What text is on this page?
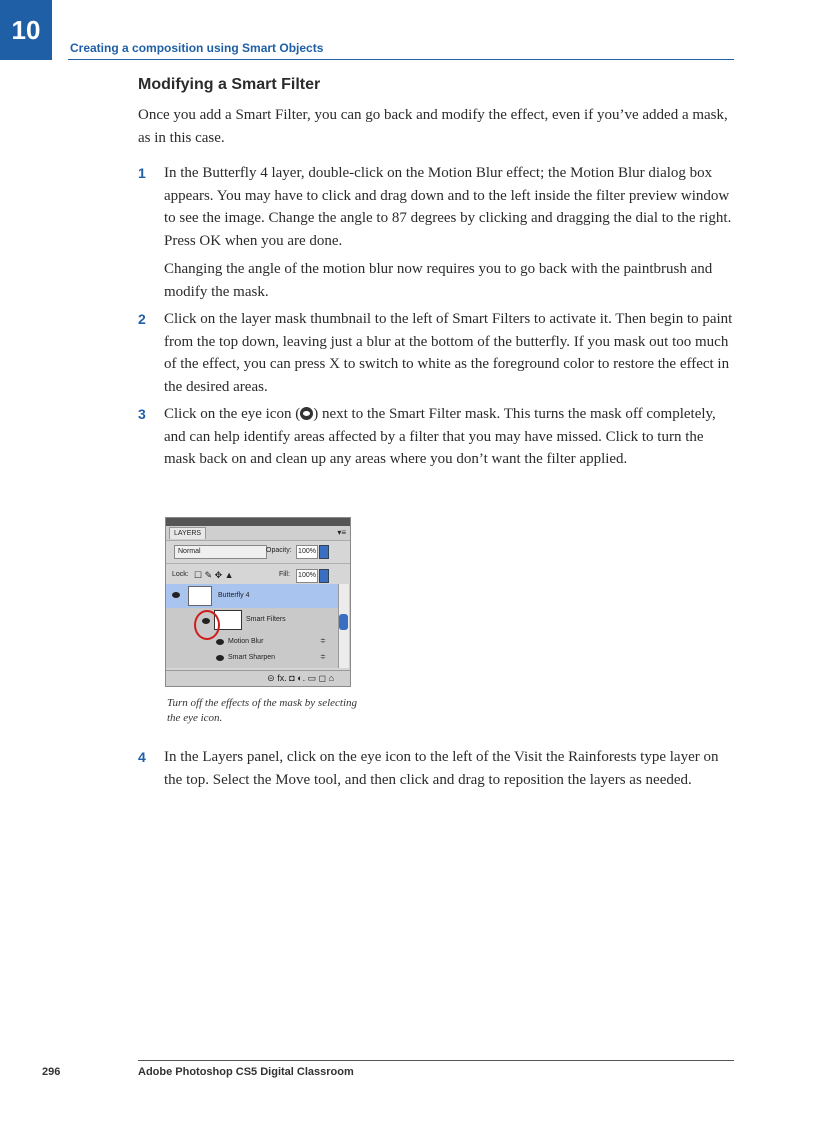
10
Creating a composition using Smart Objects
Modifying a Smart Filter
Once you add a Smart Filter, you can go back and modify the effect, even if you’ve added a mask, as in this case.
1 In the Butterfly 4 layer, double-click on the Motion Blur effect; the Motion Blur dialog box appears. You may have to click and drag down and to the left inside the filter preview window to see the image. Change the angle to 87 degrees by clicking and dragging the dial to the right. Press OK when you are done.
Changing the angle of the motion blur now requires you to go back with the paintbrush and modify the mask.
2 Click on the layer mask thumbnail to the left of Smart Filters to activate it. Then begin to paint from the top down, leaving just a blur at the bottom of the butterfly. If you mask out too much of the effect, you can press X to switch to white as the foreground color to restore the effect in the desired areas.
3 Click on the eye icon ( ) next to the Smart Filter mask. This turns the mask off completely, and can help identify areas affected by a filter that you may have missed. Click to turn the mask back on and clean up any areas where you don’t want the filter applied.
LAYERS	▾≡
Normal	Opacity: 100%
Lock: ☐ ✎ ✥ ▲	Fill: 100%
Butterfly 4
Smart Filters
Motion Blur	≑
Smart Sharpen	≑
⊝ fx. ◘ ◐. ▭ ◻ ⌂
Turn off the effects of the mask by selecting the eye icon.
4 In the Layers panel, click on the eye icon to the left of the Visit the Rainforests type layer on the top. Select the Move tool, and then click and drag to reposition the layers as needed.
296	Adobe Photoshop CS5 Digital Classroom
